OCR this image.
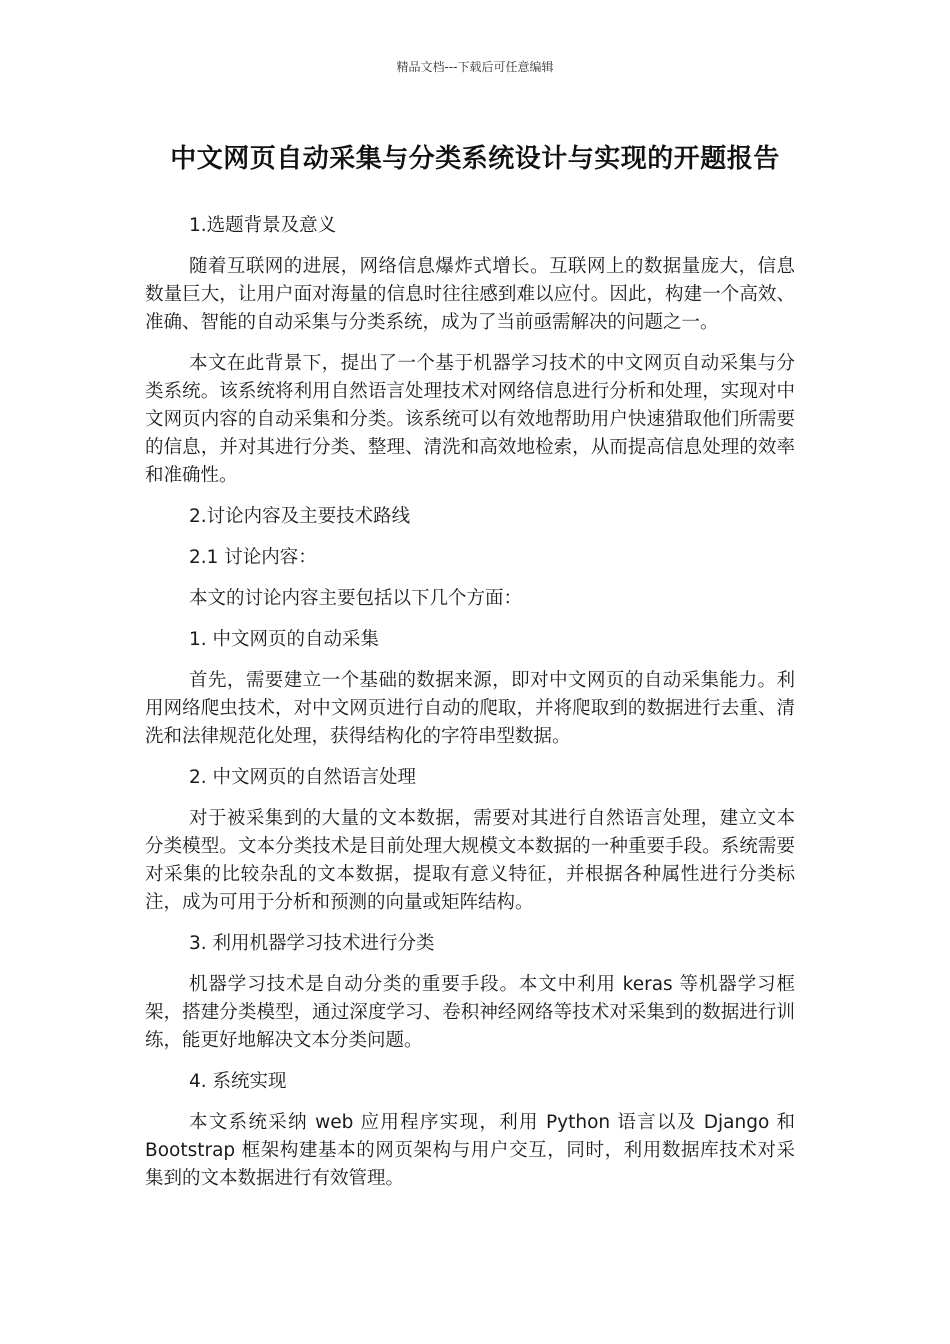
精品文档---下载后可任意编辑
中文网页自动采集与分类系统设计与实现的开题报告
1.选题背景及意义
随着互联网的进展，网络信息爆炸式增长。互联网上的数据量庞大，信息数量巨大，让用户面对海量的信息时往往感到难以应付。因此，构建一个高效、准确、智能的自动采集与分类系统，成为了当前亟需解决的问题之一。
本文在此背景下，提出了一个基于机器学习技术的中文网页自动采集与分类系统。该系统将利用自然语言处理技术对网络信息进行分析和处理，实现对中文网页内容的自动采集和分类。该系统可以有效地帮助用户快速猎取他们所需要的信息，并对其进行分类、整理、清洗和高效地检索，从而提高信息处理的效率和准确性。
2.讨论内容及主要技术路线
2.1 讨论内容：
本文的讨论内容主要包括以下几个方面：
1. 中文网页的自动采集
首先，需要建立一个基础的数据来源，即对中文网页的自动采集能力。利用网络爬虫技术，对中文网页进行自动的爬取，并将爬取到的数据进行去重、清洗和法律规范化处理，获得结构化的字符串型数据。
2. 中文网页的自然语言处理
对于被采集到的大量的文本数据，需要对其进行自然语言处理，建立文本分类模型。文本分类技术是目前处理大规模文本数据的一种重要手段。系统需要对采集的比较杂乱的文本数据，提取有意义特征，并根据各种属性进行分类标注，成为可用于分析和预测的向量或矩阵结构。
3. 利用机器学习技术进行分类
机器学习技术是自动分类的重要手段。本文中利用 keras 等机器学习框架，搭建分类模型，通过深度学习、卷积神经网络等技术对采集到的数据进行训练，能更好地解决文本分类问题。
4. 系统实现
本文系统采纳 web 应用程序实现，利用 Python 语言以及 Django 和 Bootstrap 框架构建基本的网页架构与用户交互，同时，利用数据库技术对采集到的文本数据进行有效管理。
